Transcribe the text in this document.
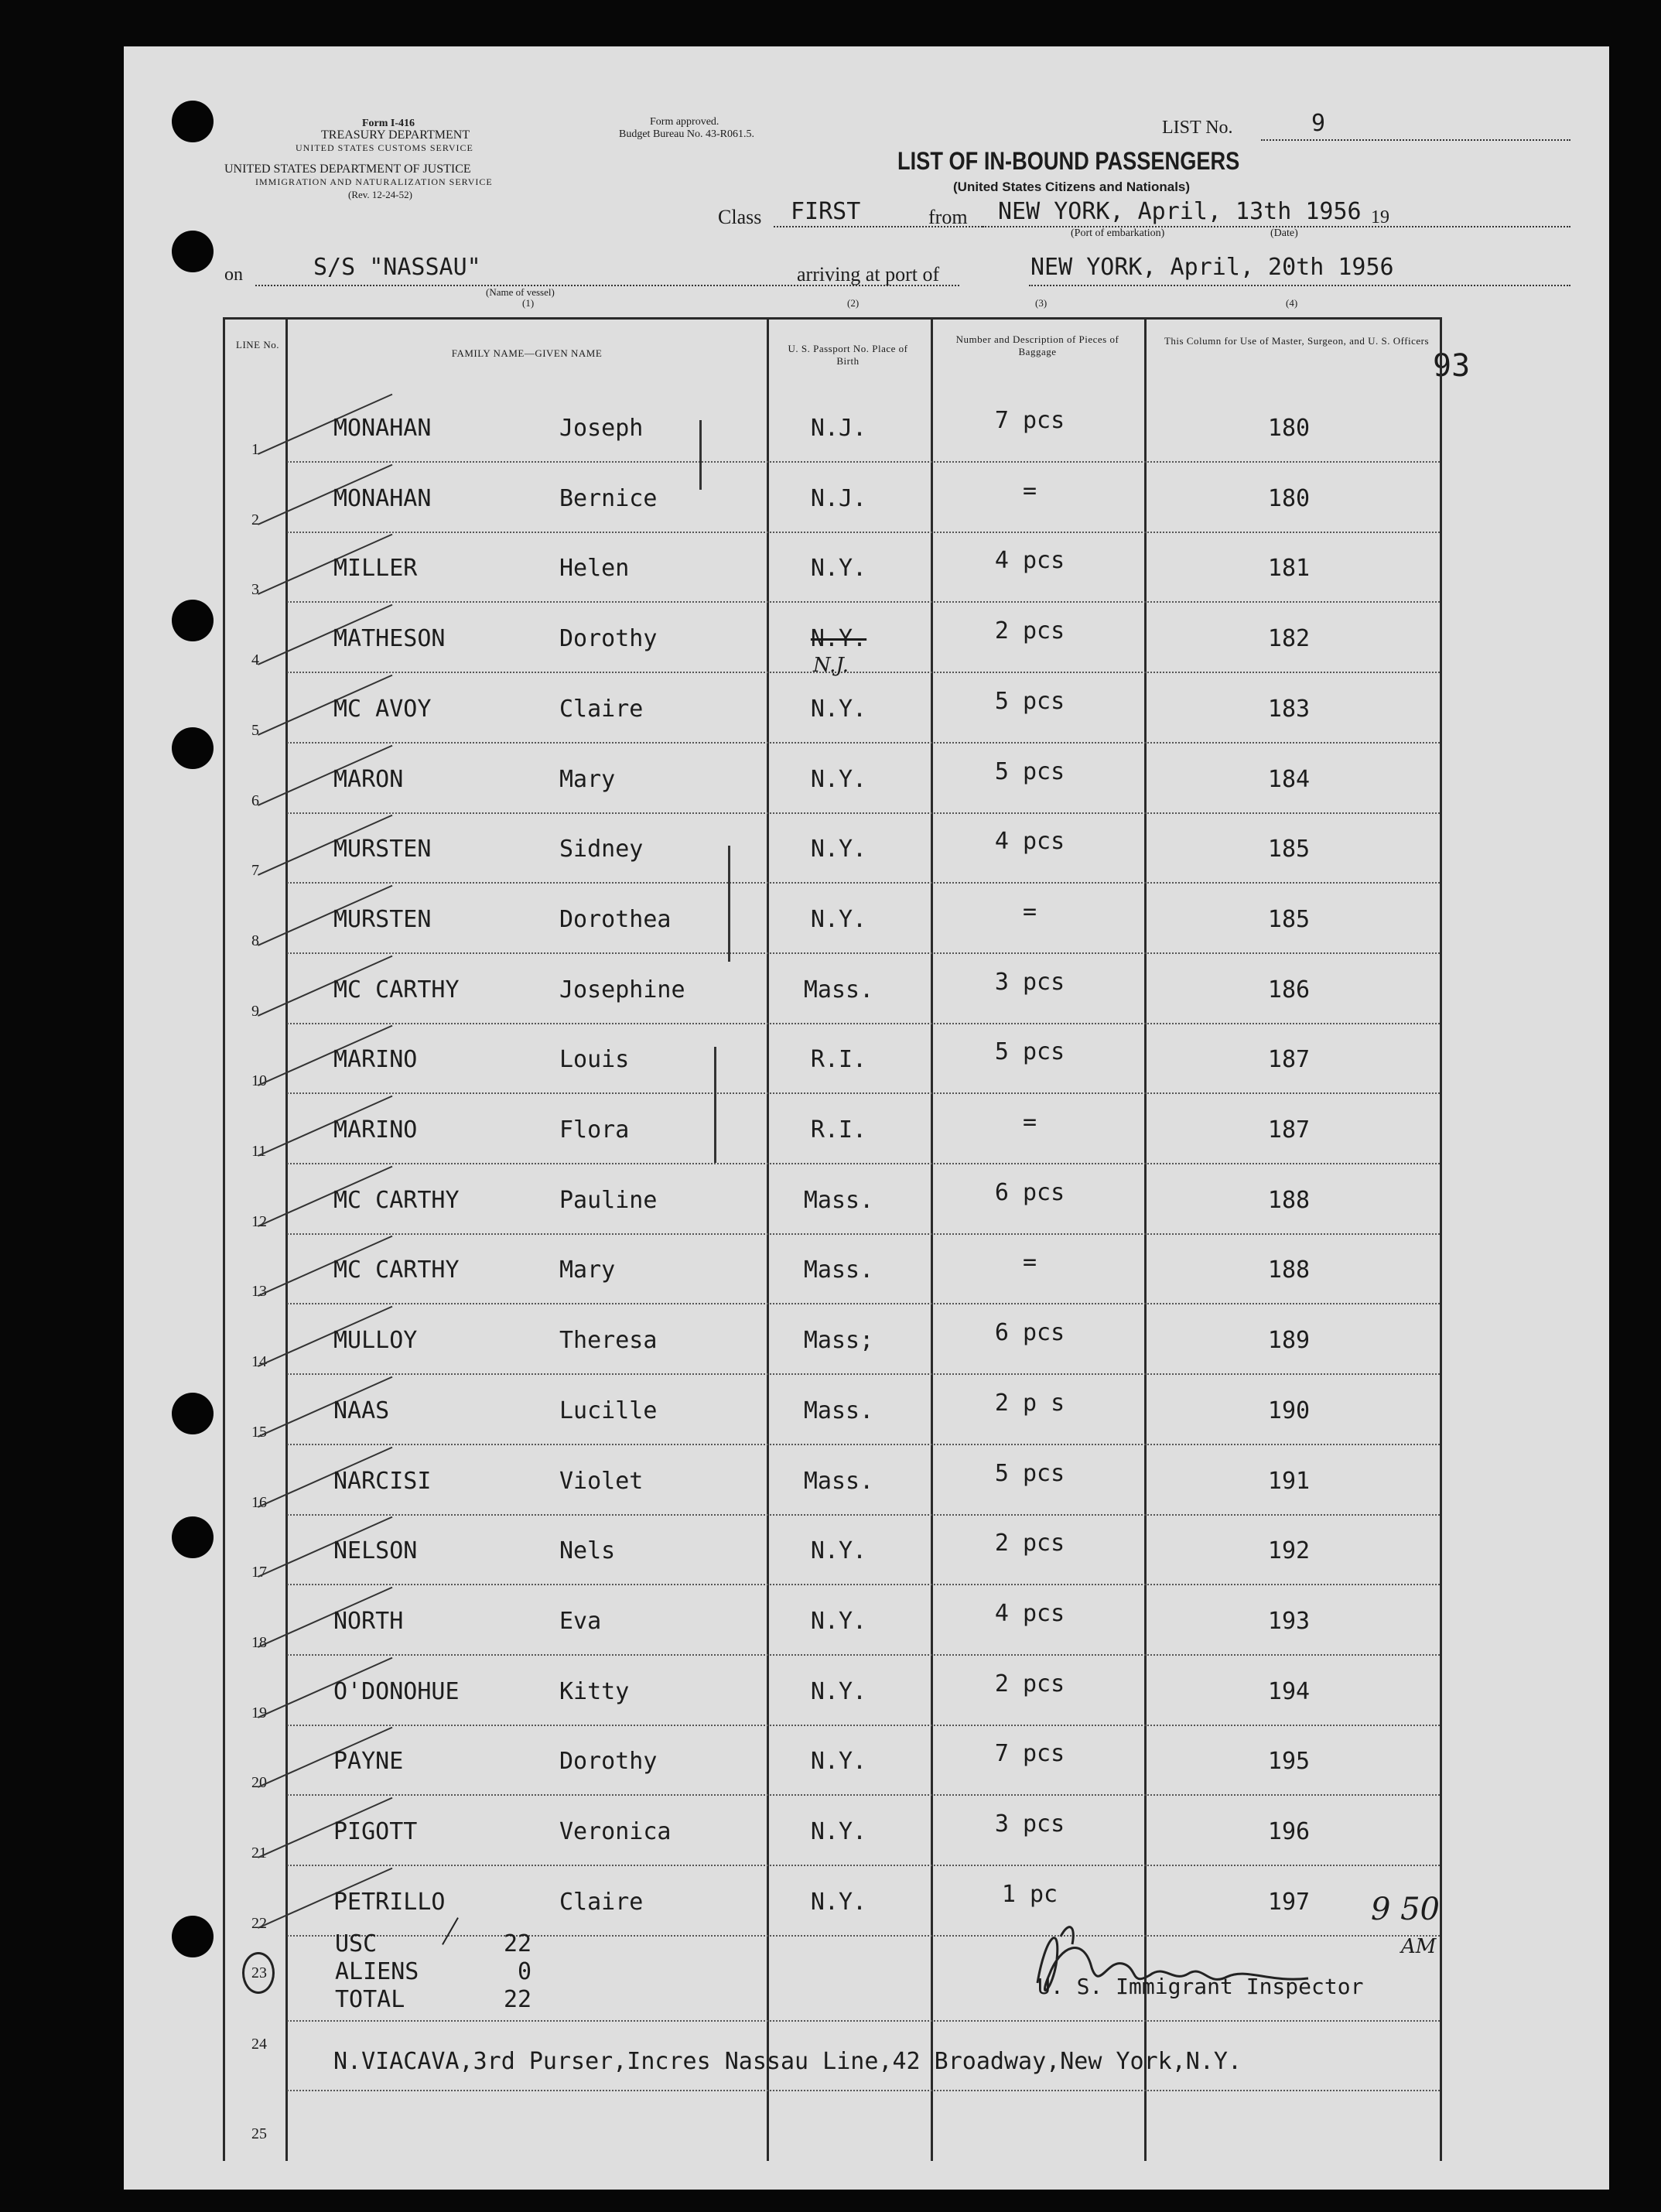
Form I-416
TREASURY DEPARTMENT
UNITED STATES CUSTOMS SERVICE
UNITED STATES DEPARTMENT OF JUSTICE
IMMIGRATION AND NATURALIZATION SERVICE
(Rev. 12-24-52)
Form approved.
Budget Bureau No. 43-R061.5.	LIST No.	9
LIST OF IN-BOUND PASSENGERS
(United States Citizens and Nationals)
Class FIRST	from NEW YORK, April, 13th 1956 19
(Port of embarkation)	(Date)
on	S/S "NASSAU"	arriving at port of	NEW YORK, April, 20th 1956
(Name of vessel)
(1)	(2)	(3)	(4)
93
LINE No.
FAMILY NAME—GIVEN NAME	U. S. Passport No. Place of Birth
Number and Description of Pieces of Baggage
This Column for Use of Master, Surgeon, and U. S. Officers
1
MONAHAN	Joseph	N.J.	7 pcs	180
2
MONAHAN	Bernice	N.J.	=	180
3
MILLER	Helen	N.Y.	4 pcs	181
4
MATHESON	Dorothy	N.Y.	2 pcs	182
5
MC AVOY	Claire	N.Y.	5 pcs	183
6
MARON	Mary	N.Y.	5 pcs	184
7
MURSTEN	Sidney	N.Y.	4 pcs	185
8
MURSTEN	Dorothea	N.Y.	=	185
9
MC CARTHY	Josephine	Mass.	3 pcs	186
10
MARINO	Louis	R.I.	5 pcs	187
11
MARINO	Flora	R.I.	=	187
12
MC CARTHY	Pauline	Mass.	6 pcs	188
13
MC CARTHY	Mary	Mass.	=	188
14
MULLOY	Theresa	Mass;	6 pcs	189
15
NAAS	Lucille	Mass.	2 p s	190
16
NARCISI	Violet	Mass.	5 pcs	191
17
NELSON	Nels	N.Y.	2 pcs	192
18
NORTH	Eva	N.Y.	4 pcs	193
19
O'DONOHUE	Kitty	N.Y.	2 pcs	194
20
PAYNE	Dorothy	N.Y.	7 pcs	195
21
PIGOTT	Veronica	N.Y.	3 pcs	196
22
PETRILLO	Claire	N.Y.	1 pc	197
N.J.
23
USC	22
ALIENS	0
TOTAL	22
9 50
AM
U. S. Immigrant Inspector
24
N.VIACAVA,3rd Purser,Incres Nassau Line,42 Broadway,New York,N.Y.
25
